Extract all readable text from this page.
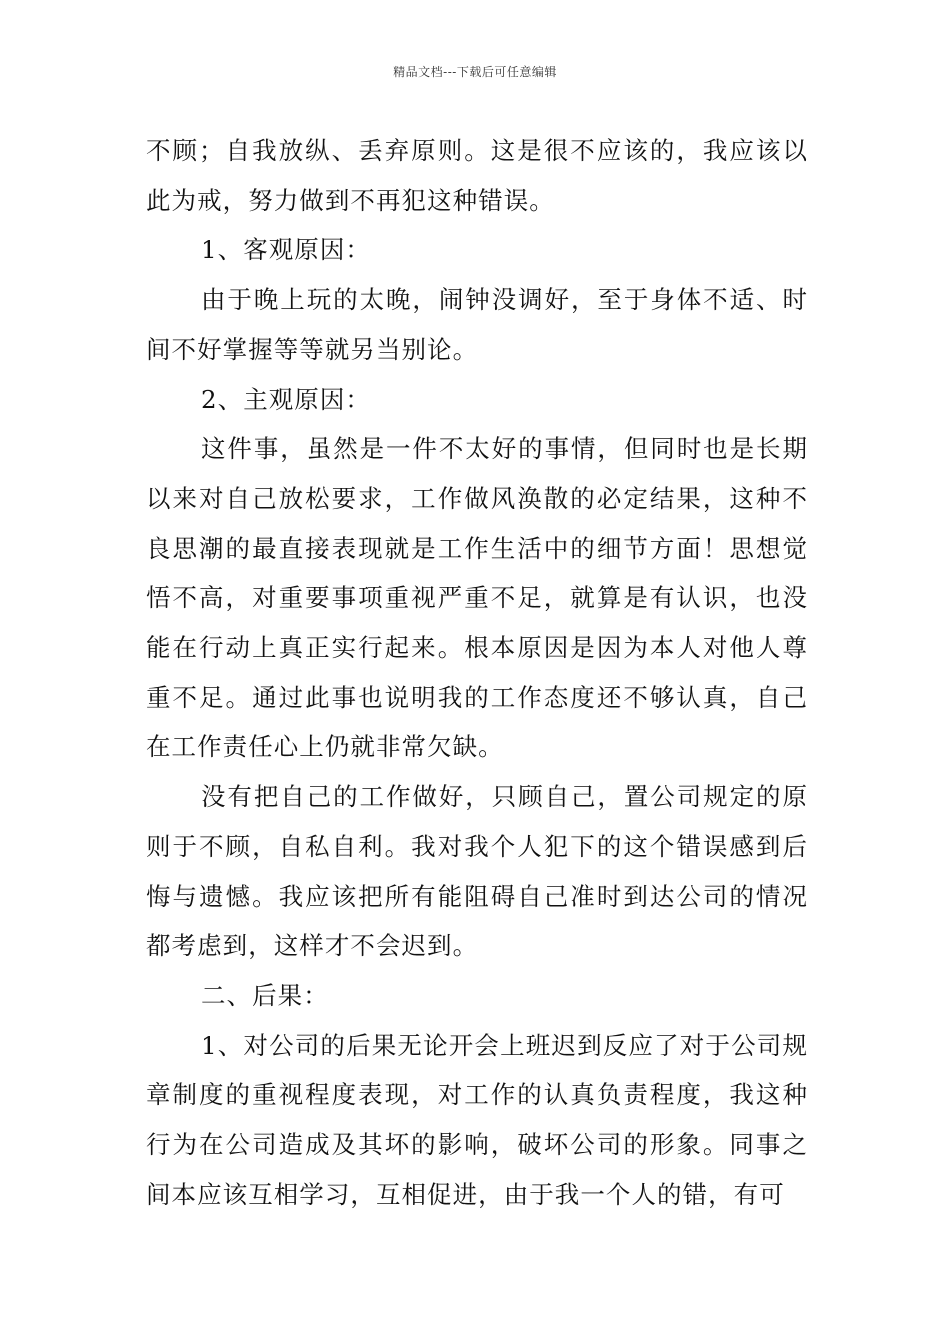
精品文档---下载后可任意编辑

不顾；自我放纵、丢弃原则。这是很不应该的，我应该以此为戒，努力做到不再犯这种错误。

1、客观原因：

由于晚上玩的太晚，闹钟没调好，至于身体不适、时间不好掌握等等就另当别论。

2、主观原因：

这件事，虽然是一件不太好的事情，但同时也是长期以来对自己放松要求，工作做风涣散的必定结果，这种不良思潮的最直接表现就是工作生活中的细节方面！思想觉悟不高，对重要事项重视严重不足，就算是有认识，也没能在行动上真正实行起来。根本原因是因为本人对他人尊重不足。通过此事也说明我的工作态度还不够认真，自己在工作责任心上仍就非常欠缺。

没有把自己的工作做好，只顾自己，置公司规定的原则于不顾，自私自利。我对我个人犯下的这个错误感到后悔与遗憾。我应该把所有能阻碍自己准时到达公司的情况都考虑到，这样才不会迟到。

二、后果：

1、对公司的后果无论开会上班迟到反应了对于公司规章制度的重视程度表现，对工作的认真负责程度，我这种行为在公司造成及其坏的影响，破坏公司的形象。同事之间本应该互相学习，互相促进，由于我一个人的错，有可
